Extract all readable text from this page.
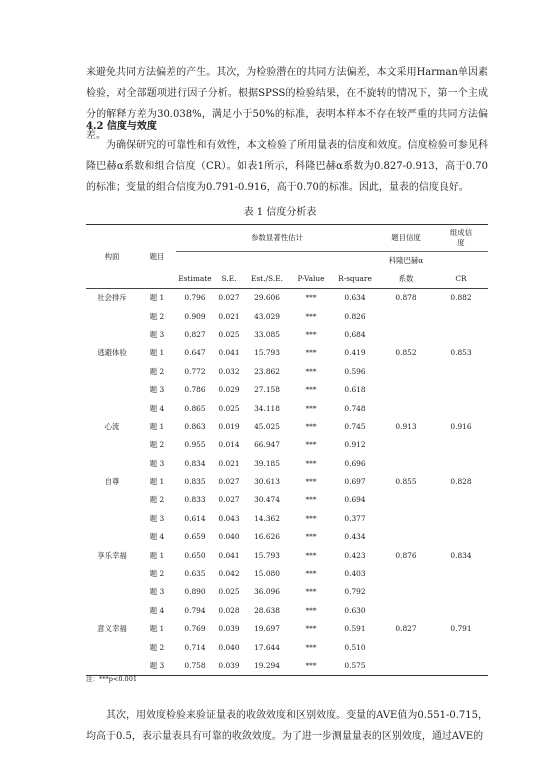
来避免共同方法偏差的产生。其次，为检验潜在的共同方法偏差，本文采用Harman单因素检验，对全部题项进行因子分析。根据SPSS的检验结果，在不旋转的情况下，第一个主成分的解释方差为30.038%，满足小于50%的标准，表明本样本不存在较严重的共同方法偏差。

4.2 信度与效度

为确保研究的可靠性和有效性，本文检验了所用量表的信度和效度。信度检验可参见科隆巴赫α系数和组合信度（CR）。如表1所示，科隆巴赫α系数为0.827-0.913，高于0.70的标准；变量的组合信度为0.791-0.916，高于0.70的标准。因此，量表的信度良好。

表 1 信度分析表
构面	题目	参数显著性估计					题目信度	组成信度
							科隆巴赫α系数	CR
		Estimate	S.E.	Est./S.E.	P-Value	R-square		
社会排斥	题 1	0.796	0.027	29.606	***	0.634	0.878	0.882
	题 2	0.909	0.021	43.029	***	0.826		
	题 3	0.827	0.025	33.085	***	0.684		
逃避体验	题 1	0.647	0.041	15.793	***	0.419	0.852	0.853
	题 2	0.772	0.032	23.862	***	0.596		
	题 3	0.786	0.029	27.158	***	0.618		
	题 4	0.865	0.025	34.118	***	0.748		
心流	题 1	0.863	0.019	45.025	***	0.745	0.913	0.916
	题 2	0.955	0.014	66.947	***	0.912		
	题 3	0.834	0.021	39.185	***	0.696		
自尊	题 1	0.835	0.027	30.613	***	0.697	0.855	0.828
	题 2	0.833	0.027	30.474	***	0.694		
	题 3	0.614	0.043	14.362	***	0.377		
	题 4	0.659	0.040	16.626	***	0.434		
享乐幸福	题 1	0.650	0.041	15.793	***	0.423	0.876	0.834
	题 2	0.635	0.042	15.080	***	0.403		
	题 3	0.890	0.025	36.096	***	0.792		
	题 4	0.794	0.028	28.638	***	0.630		
意义幸福	题 1	0.769	0.039	19.697	***	0.591	0.827	0.791
	题 2	0.714	0.040	17.644	***	0.510		
	题 3	0.758	0.039	19.294	***	0.575		
注：***p<0.001

其次，用效度检验来验证量表的收敛效度和区别效度。变量的AVE值为0.551-0.715，均高于0.5，表示量表具有可靠的收敛效度。为了进一步测量量表的区别效度，通过AVE的
